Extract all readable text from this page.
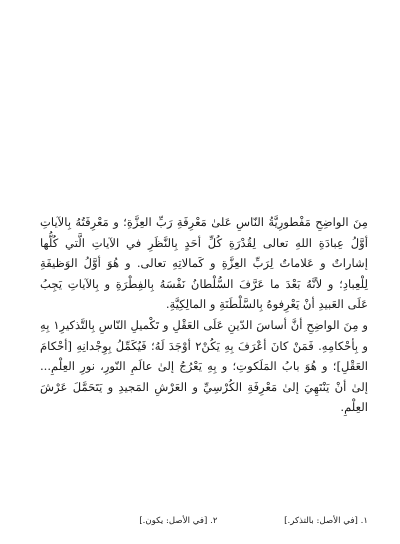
مِنَ الواضِحِ مَفْطورِيَّةُ النّاسِ عَلىٰ مَعْرِفَةِ رَبِّ العِزَّةِ؛ و مَعْرِفَتُهُ بِالآياتِ أوَّلُ عِبادَةِ اللهِ تعالى لِقُدْرَةِ كُلِّ أحَدٍ بِالنَّظَرِ في الآياتِ الَّتي كُلُّها إشاراتٌ و عَلاماتٌ لِرَبِّ العِزَّةِ و كَمالاتِهِ تعالى. و هُوَ أوَّلُ الوَظيفَةِ لِلْعِبادِ؛ و لأنَّهُ بَعْدَ ما عَرَّفَ السُّلْطانُ نَفْسَهُ بِالفِطْرَةِ و بِالآياتِ يَجِبُ عَلَى العَبيدِ أنْ يَعْرِفوهُ بِالسَّلْطَنَةِ و المالِكِيَّةِ.

و مِنَ الواضِحِ أنَّ أساسَ الدّينِ عَلَى العَقْلِ و تَكْميلِ النّاسِ بِالتَّذكيرِ١ بِهِ و بِأحْكامِهِ. فَمَنْ كانَ أعْرَفَ بِهِ يَكُنْ٢ أوْجَدَ لَهُ؛ فَيُكَمِّلُ بِوِجْدانِهِ [أحْكامَ العَقْلِ]؛ و هُوَ بابُ المَلَكوتِ؛ و بِهِ يَعْرُجُ إلىٰ عالَمِ النّورِ، نورِ العِلْمِ... إلىٰ أنْ يَنْتَهِيَ إلىٰ مَعْرِفَةِ الكُرْسِيِّ و العَرْشِ المَجيدِ و يَتَحَمَّلَ عَرْشَ العِلْمِ.

١. [في الأصل: بالتذكر.] ٢. [في الأصل: يكون.]
